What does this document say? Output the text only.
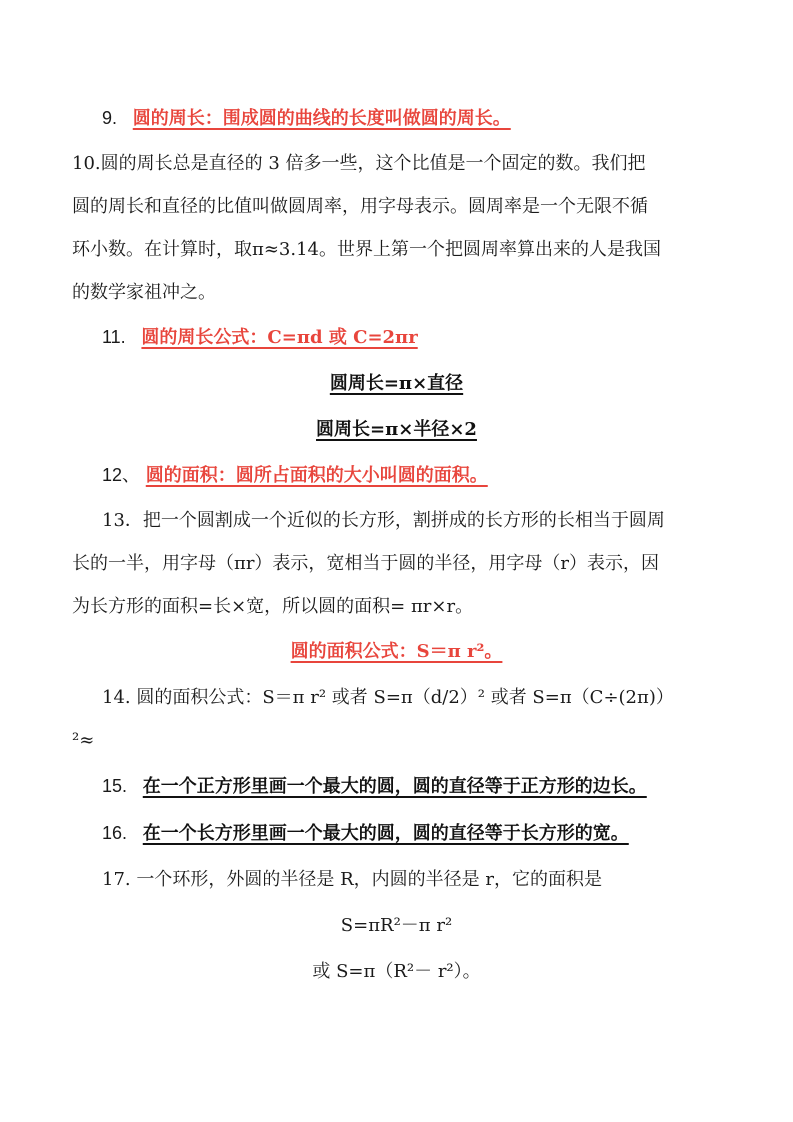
9. 圆的周长：围成圆的曲线的长度叫做圆的周长。
10.圆的周长总是直径的 3 倍多一些，这个比值是一个固定的数。我们把
圆的周长和直径的比值叫做圆周率，用字母表示。圆周率是一个无限不循
环小数。在计算时，取π≈3.14。世界上第一个把圆周率算出来的人是我国
的数学家祖冲之。
11. 圆的周长公式：C=πd 或 C=2πr
圆周长=π×直径
圆周长=π×半径×2
12、 圆的面积：圆所占面积的大小叫圆的面积。
13．把一个圆割成一个近似的长方形，割拼成的长方形的长相当于圆周
长的一半，用字母（πr）表示，宽相当于圆的半径，用字母（r）表示，因
为长方形的面积=长×宽，所以圆的面积= πr×r。
圆的面积公式：S＝π r²。
14. 圆的面积公式：S＝π r² 或者 S=π（d/2）² 或者 S=π（C÷(2π)）
²≈
15. 在一个正方形里画一个最大的圆，圆的直径等于正方形的边长。
16. 在一个长方形里画一个最大的圆，圆的直径等于长方形的宽。
17. 一个环形，外圆的半径是 R，内圆的半径是 r，它的面积是
S=πR²－π r²
或 S=π（R²－ r²）。
